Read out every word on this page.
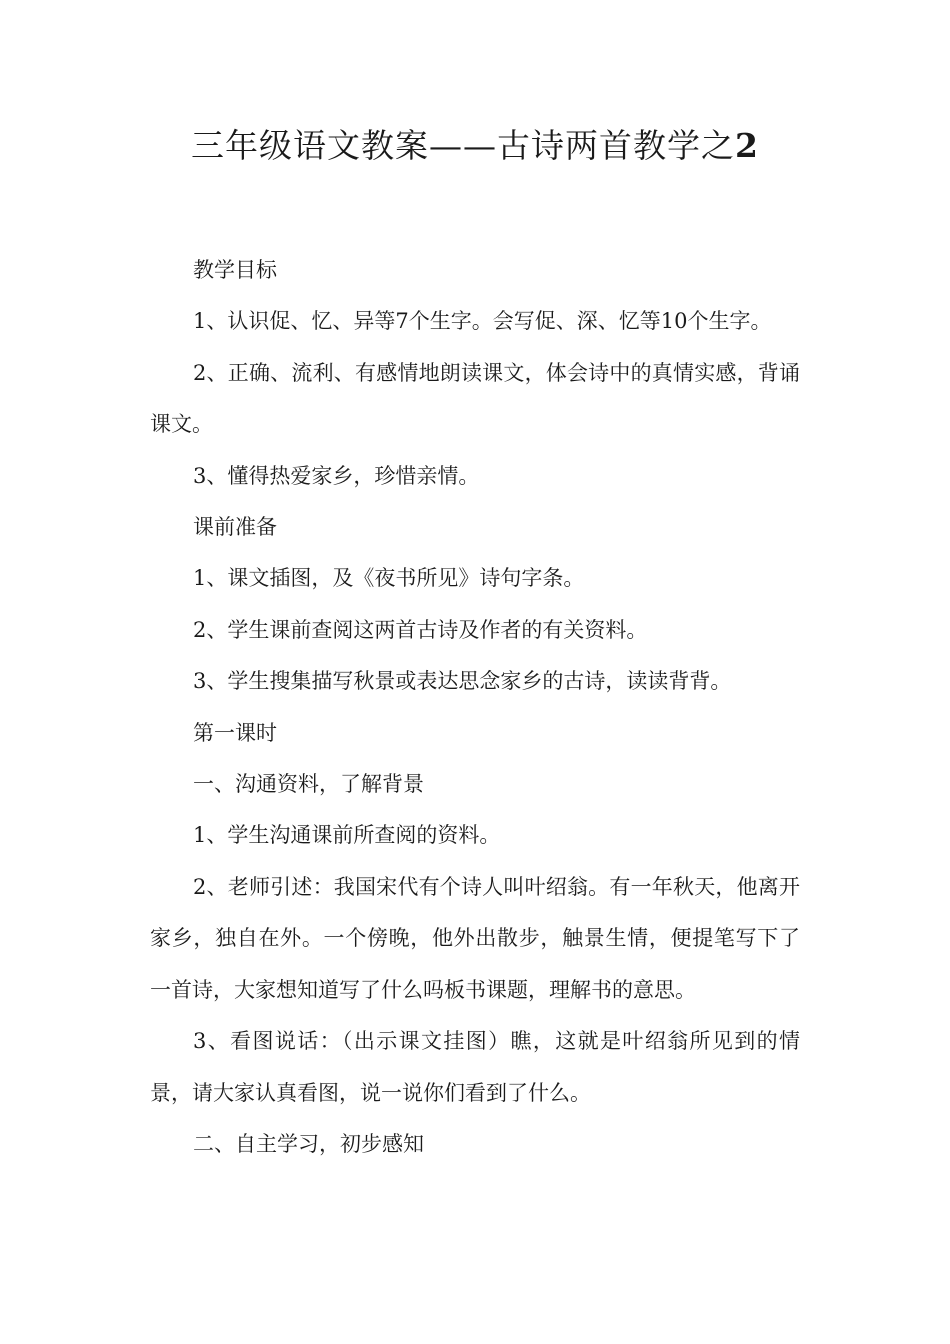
三年级语文教案——古诗两首教学之2

教学目标

1、认识促、忆、异等7个生字。会写促、深、忆等10个生字。

2、正确、流利、有感情地朗读课文，体会诗中的真情实感，背诵课文。

3、懂得热爱家乡，珍惜亲情。

课前准备

1、课文插图，及《夜书所见》诗句字条。

2、学生课前查阅这两首古诗及作者的有关资料。

3、学生搜集描写秋景或表达思念家乡的古诗，读读背背。

第一课时

一、沟通资料，了解背景

1、学生沟通课前所查阅的资料。

2、老师引述：我国宋代有个诗人叫叶绍翁。有一年秋天，他离开家乡，独自在外。一个傍晚，他外出散步，触景生情，便提笔写下了一首诗，大家想知道写了什么吗板书课题，理解书的意思。

3、看图说话：（出示课文挂图）瞧，这就是叶绍翁所见到的情景，请大家认真看图，说一说你们看到了什么。

二、自主学习，初步感知
